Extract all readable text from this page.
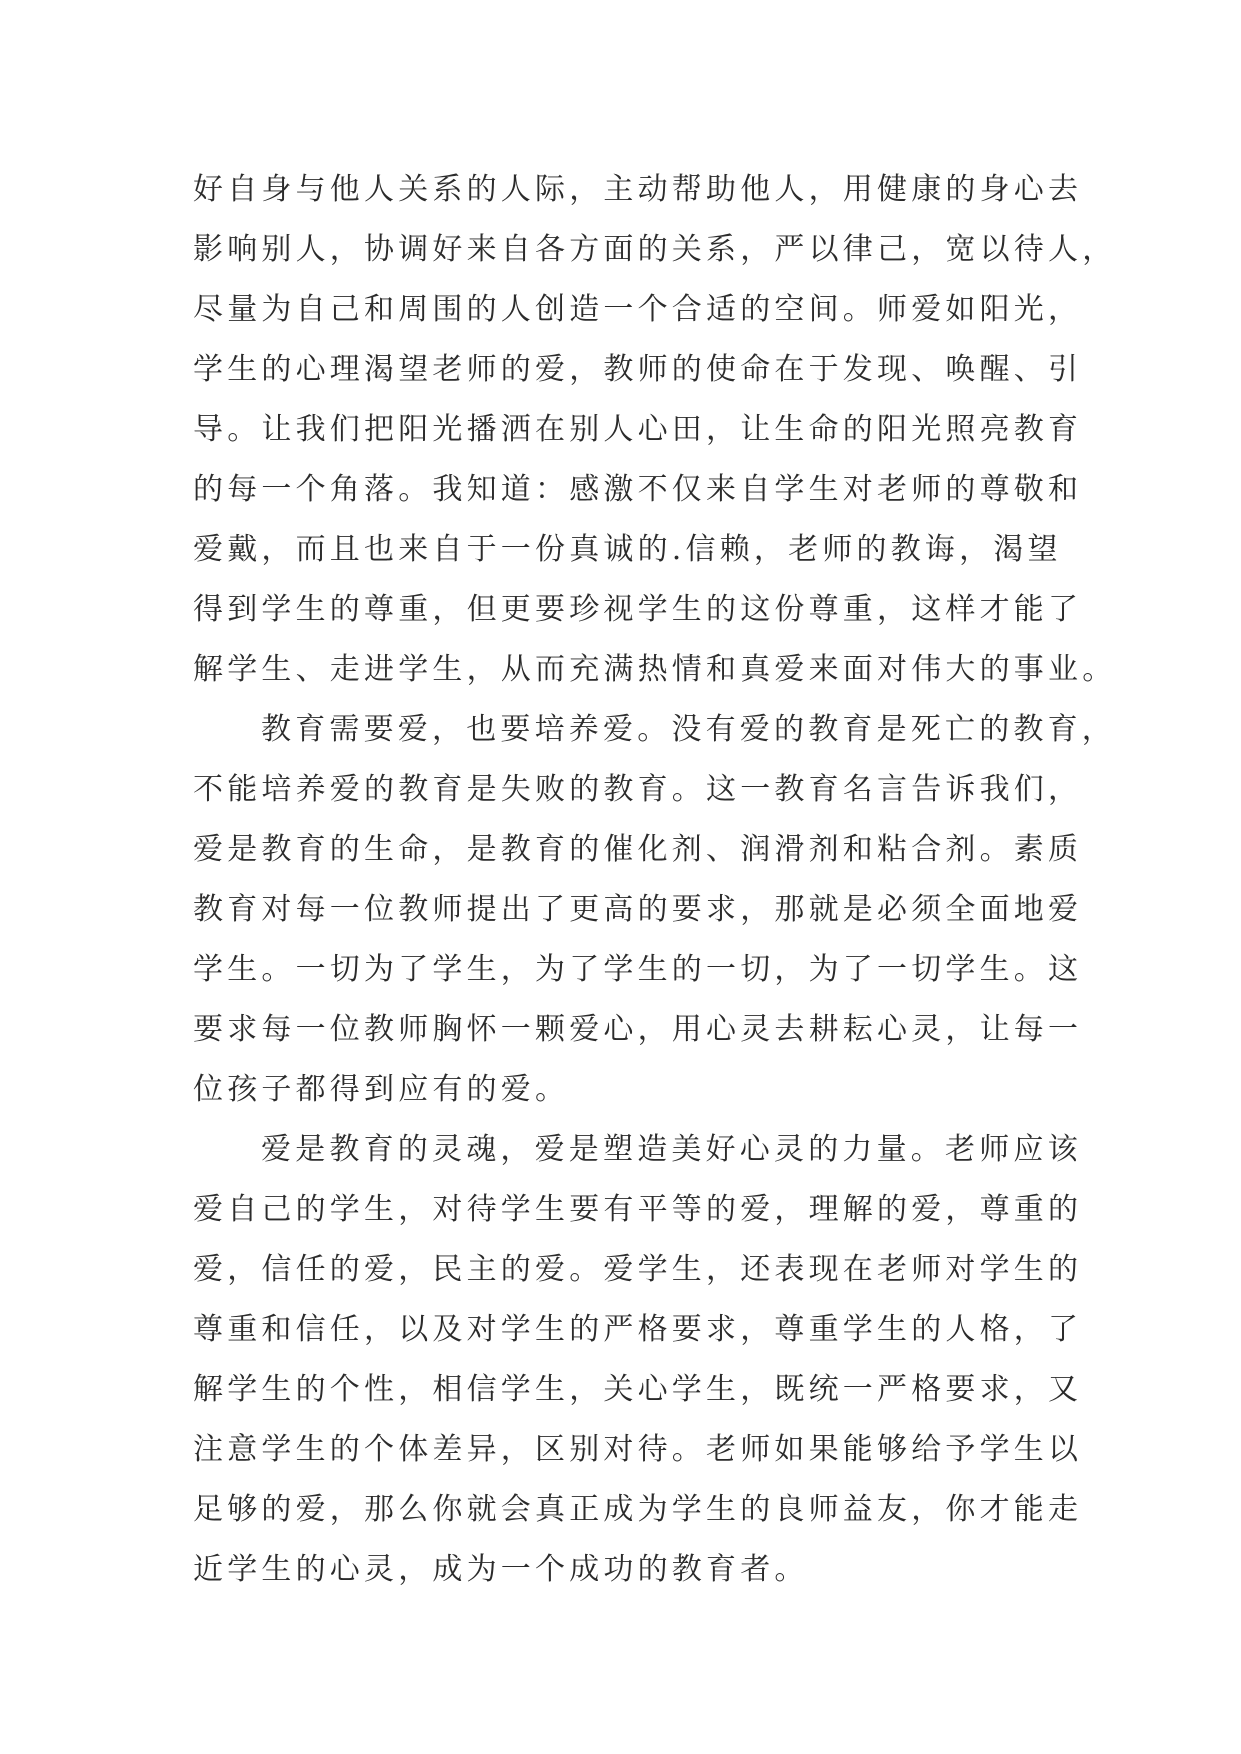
好自身与他人关系的人际，主动帮助他人，用健康的身心去
影响别人，协调好来自各方面的关系，严以律己，宽以待人，
尽量为自己和周围的人创造一个合适的空间。师爱如阳光，
学生的心理渴望老师的爱，教师的使命在于发现、唤醒、引
导。让我们把阳光播洒在别人心田，让生命的阳光照亮教育
的每一个角落。我知道：感激不仅来自学生对老师的尊敬和
爱戴，而且也来自于一份真诚的.信赖，老师的教诲，渴望
得到学生的尊重，但更要珍视学生的这份尊重，这样才能了
解学生、走进学生，从而充满热情和真爱来面对伟大的事业。
教育需要爱，也要培养爱。没有爱的教育是死亡的教育，
不能培养爱的教育是失败的教育。这一教育名言告诉我们，
爱是教育的生命，是教育的催化剂、润滑剂和粘合剂。素质
教育对每一位教师提出了更高的要求，那就是必须全面地爱
学生。一切为了学生，为了学生的一切，为了一切学生。这
要求每一位教师胸怀一颗爱心，用心灵去耕耘心灵，让每一
位孩子都得到应有的爱。
爱是教育的灵魂，爱是塑造美好心灵的力量。老师应该
爱自己的学生，对待学生要有平等的爱，理解的爱，尊重的
爱，信任的爱，民主的爱。爱学生，还表现在老师对学生的
尊重和信任，以及对学生的严格要求，尊重学生的人格，了
解学生的个性，相信学生，关心学生，既统一严格要求，又
注意学生的个体差异，区别对待。老师如果能够给予学生以
足够的爱，那么你就会真正成为学生的良师益友，你才能走
近学生的心灵，成为一个成功的教育者。
